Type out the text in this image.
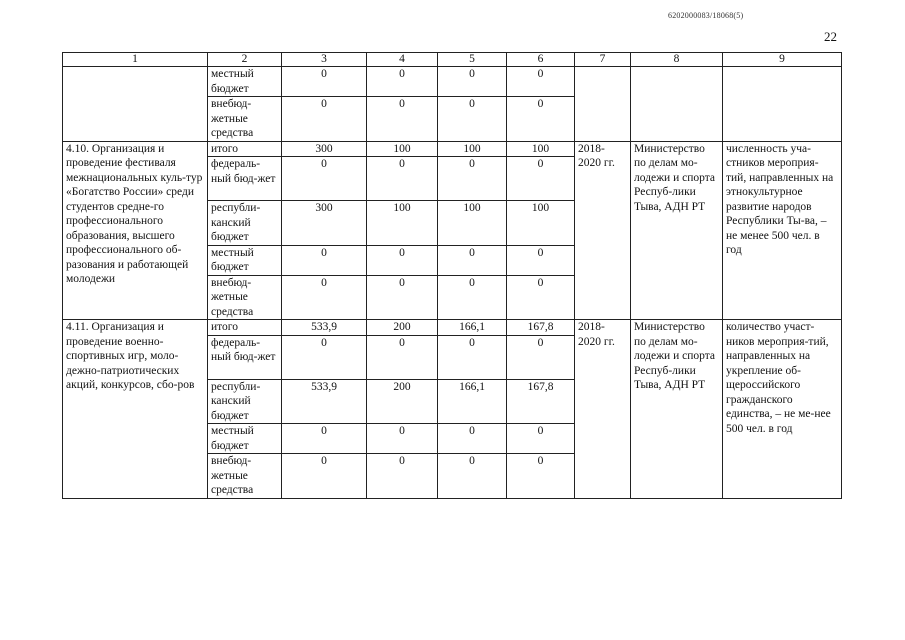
6202000083/18068(5)
22
1	2	3	4	5	6	7	8	9
	местный бюджет	0	0	0	0			
	внебюд-жетные средства	0	0	0	0			
4.10. Организация и проведение фестиваля межнациональных куль-тур «Богатство России» среди студентов средне-го профессионального образования, высшего профессионального об-разования и работающей молодежи	итого	300	100	100	100	2018-2020 гг.	Министерство по делам мо-лодежи и спорта Респуб-лики Тыва, АДН РТ	численность уча-стников мероприя-тий, направленных на этнокультурное развитие народов Республики Ты-ва, – не менее 500 чел. в год
	федераль-ный бюд-жет	0	0	0	0			
	республи-канский бюджет	300	100	100	100			
	местный бюджет	0	0	0	0			
	внебюд-жетные средства	0	0	0	0			
4.11. Организация и проведение военно-спортивных игр, моло-дежно-патриотических акций, конкурсов, сбо-ров	итого	533,9	200	166,1	167,8	2018-2020 гг.	Министерство по делам мо-лодежи и спорта Респуб-лики Тыва, АДН РТ	количество участ-ников мероприя-тий, направленных на укрепление об-щероссийского гражданского единства, – не ме-нее 500 чел. в год
	федераль-ный бюд-жет	0	0	0	0			
	республи-канский бюджет	533,9	200	166,1	167,8			
	местный бюджет	0	0	0	0			
	внебюд-жетные средства	0	0	0	0			
